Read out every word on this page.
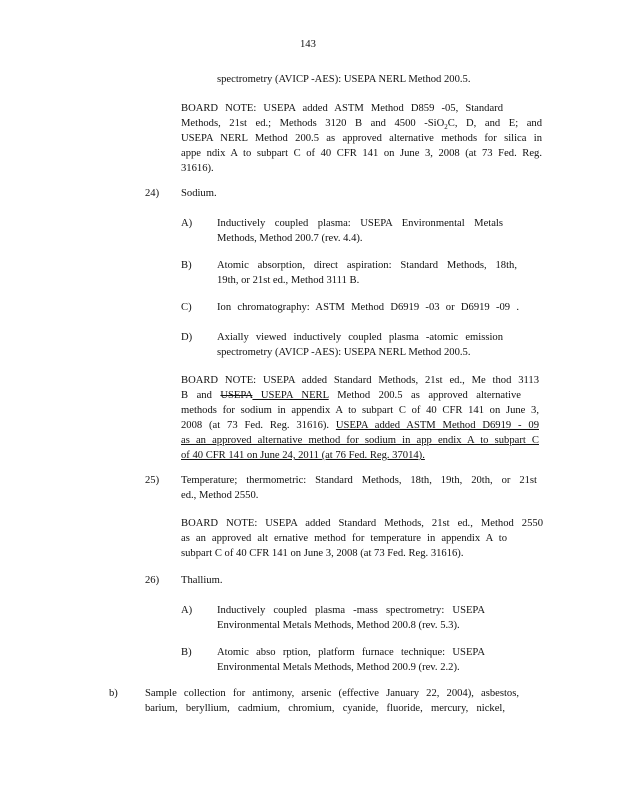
143
spectrometry (AVICP -AES): USEPA NERL Method 200.5.
BOARD NOTE: USEPA added ASTM Method D859 -05, Standard
Methods, 21st ed.; Methods 3120 B and 4500 -SiO$_2$C, D, and E; and
USEPA NERL Method 200.5 as approved alternative methods for silica in
appe ndix A to subpart C of 40 CFR 141 on June 3, 2008 (at 73 Fed. Reg.
31616).
24) Sodium.
A) Inductively coupled plasma: USEPA Environmental Metals
Methods, Method 200.7 (rev. 4.4).
B) Atomic absorption, direct aspiration: Standard Methods, 18th,
19th, or 21st ed., Method 3111 B.
C) Ion chromatography: ASTM Method D6919 -03 or D6919 -09 .
D) Axially viewed inductively coupled plasma -atomic emission
spectrometry (AVICP -AES): USEPA NERL Method 200.5.
BOARD NOTE: USEPA added Standard Methods, 21st ed., Me thod 3113
B and USEPA USEPA NERL Method 200.5 as approved alternative
methods for sodium in appendix A to subpart C of 40 CFR 141 on June 3,
2008 (at 73 Fed. Reg. 31616). USEPA added ASTM Method D6919 - 09
as an approved alternative method for sodium in app endix A to subpart C
of 40 CFR 141 on June 24, 2011 (at 76 Fed. Reg. 37014).
25) Temperature; thermometric: Standard Methods, 18th, 19th, 20th, or 21st
ed., Method 2550.
BOARD NOTE: USEPA added Standard Methods, 21st ed., Method 2550
as an approved alt ernative method for temperature in appendix A to
subpart C of 40 CFR 141 on June 3, 2008 (at 73 Fed. Reg. 31616).
26) Thallium.
A) Inductively coupled plasma -mass spectrometry: USEPA
Environmental Metals Methods, Method 200.8 (rev. 5.3).
B) Atomic abso rption, platform furnace technique: USEPA
Environmental Metals Methods, Method 200.9 (rev. 2.2).
b)	Sample collection for antimony, arsenic (effective January 22, 2004), asbestos,
barium, beryllium, cadmium, chromium, cyanide, fluoride, mercury, nickel,
